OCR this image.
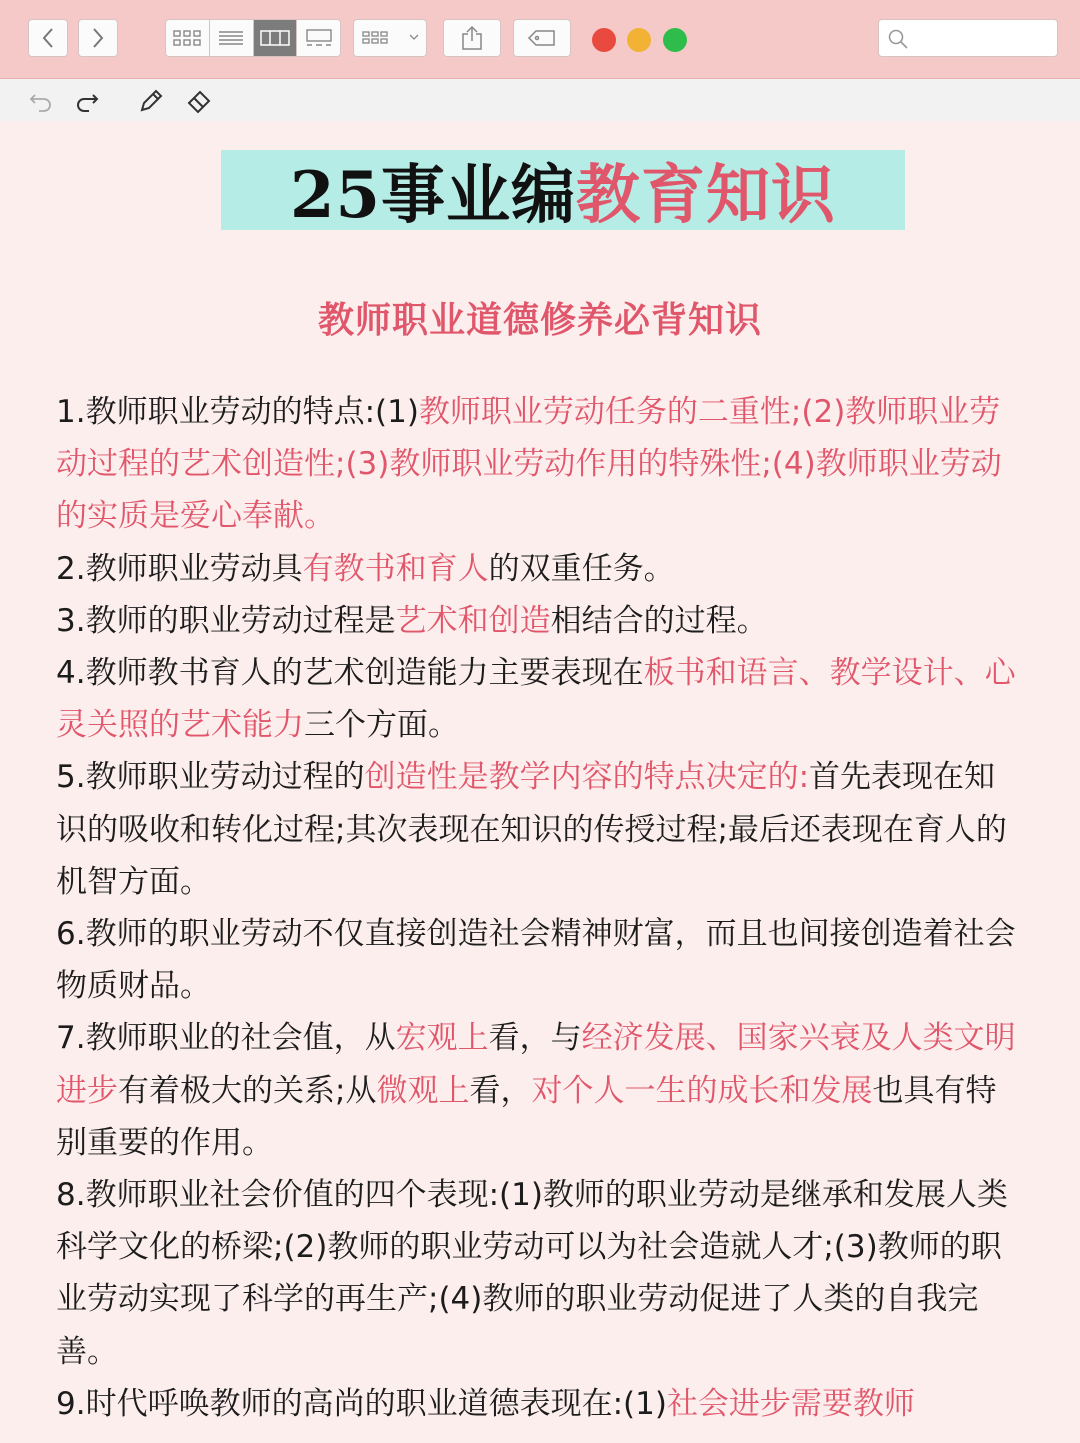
25事业编 教育知识
教师职业道德修养必背知识

1.教师职业劳动的特点:(1)教师职业劳动任务的二重性;(2)教师职业劳动过程的艺术创造性;(3)教师职业劳动作用的特殊性;(4)教师职业劳动的实质是爱心奉献。

2.教师职业劳动具有教书和育人的双重任务。

3.教师的职业劳动过程是艺术和创造相结合的过程。

4.教师教书育人的艺术创造能力主要表现在板书和语言、教学设计、心灵关照的艺术能力三个方面。

5.教师职业劳动过程的创造性是教学内容的特点决定的:首先表现在知识的吸收和转化过程;其次表现在知识的传授过程;最后还表现在育人的机智方面。

6.教师的职业劳动不仅直接创造社会精神财富，而且也间接创造着社会物质财品。

7.教师职业的社会值，从宏观上看，与经济发展、国家兴衰及人类文明进步有着极大的关系;从微观上看，对个人一生的成长和发展也具有特别重要的作用。

8.教师职业社会价值的四个表现:(1)教师的职业劳动是继承和发展人类科学文化的桥梁;(2)教师的职业劳动可以为社会造就人才;(3)教师的职业劳动实现了科学的再生产;(4)教师的职业劳动促进了人类的自我完善。

9.时代呼唤教师的高尚的职业道德表现在:(1)社会进步需要教师
